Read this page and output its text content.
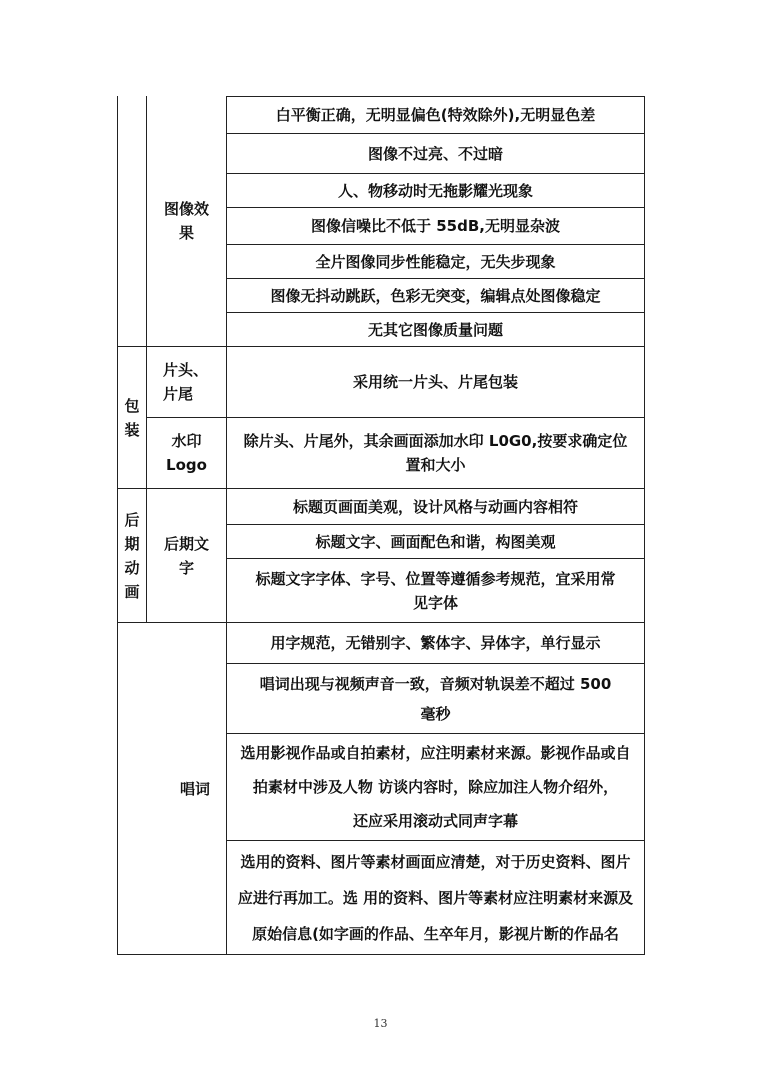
图像效
果
白平衡正确，无明显偏色(特效除外),无明显色差
图像不过亮、不过暗
人、物移动时无拖影耀光现象
图像信噪比不低于 55dB,无明显杂波
全片图像同步性能稳定，无失步现象
图像无抖动跳跃，色彩无突变，编辑点处图像稳定
无其它图像质量问题
包
装
片头、
片尾
采用统一片头、片尾包装
水印
Logo
除片头、片尾外，其余画面添加水印 L0G0,按要求确定位
置和大小
后
期
动
画
后期文
字
标题页画面美观，设计风格与动画内容相符
标题文字、画面配色和谐，构图美观
标题文字字体、字号、位置等遵循参考规范，宜采用常
见字体
唱词
用字规范，无错别字、繁体字、异体字，单行显示
唱词出现与视频声音一致，音频对轨误差不超过 500
毫秒
选用影视作品或自拍素材，应注明素材来源。影视作品或自
拍素材中涉及人物 访谈内容时，除应加注人物介绍外，
还应采用滚动式同声字幕
选用的资料、图片等素材画面应清楚，对于历史资料、图片
应进行再加工。选 用的资料、图片等素材应注明素材来源及
原始信息(如字画的作品、生卒年月，影视片断的作品名
13
